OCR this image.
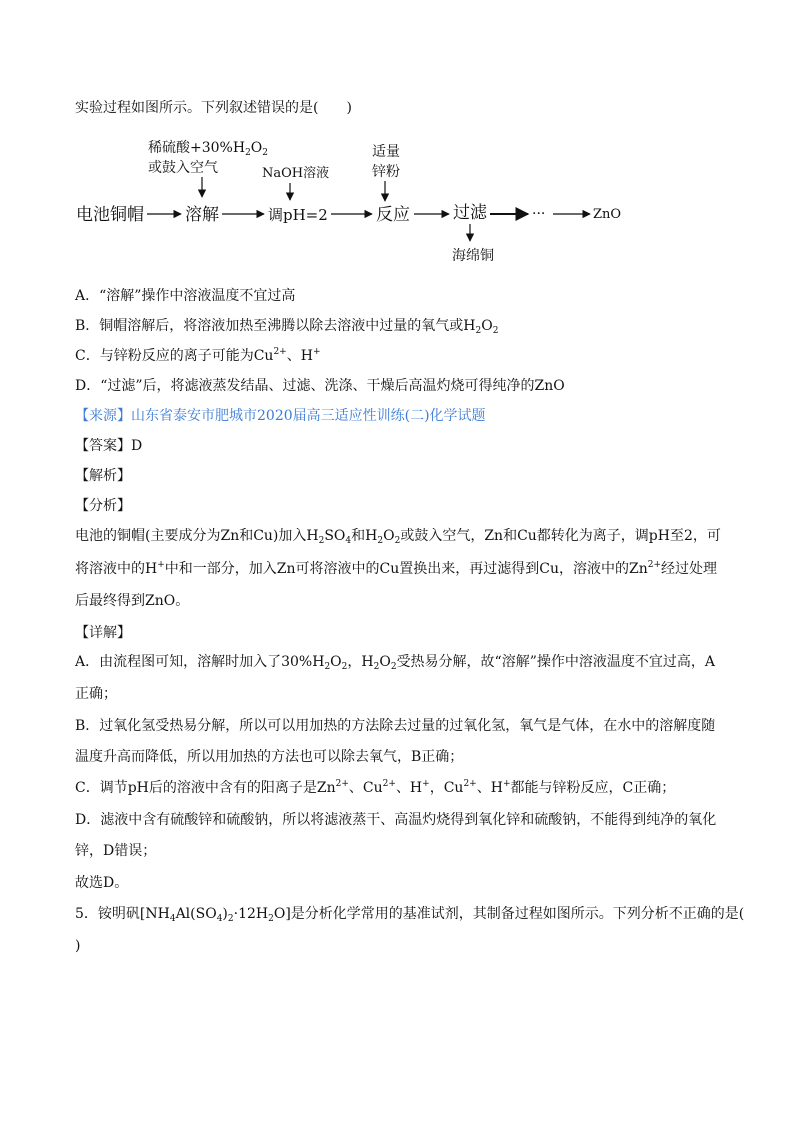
实验过程如图所示。下列叙述错误的是(　　)
稀硫酸$+30\%H_2O_2$
或鼓入空气	NaOH溶液
适量
锌粉
电池铜帽 溶解	调pH=2	反应	过滤	···	ZnO
海绵铜
A．“溶解”操作中溶液温度不宜过高
B．铜帽溶解后，将溶液加热至沸腾以除去溶液中过量的氧气或$H_2O_2$
C．与锌粉反应的离子可能为$Cu^{2+}$、H+
D．“过滤”后，将滤液蒸发结晶、过滤、洗涤、干燥后高温灼烧可得纯净的ZnO
【来源】山东省泰安市肥城市2020届高三适应性训练(二)化学试题
【答案】D
【解析】
【分析】
电池的铜帽(主要成分为Zn和Cu)加入$H_2SO_4$和$H_2O_2$或鼓入空气，Zn和Cu都转化为离子，调pH至2，可
将溶液中的H+中和一部分，加入Zn可将溶液中的Cu置换出来，再过滤得到Cu，溶液中的$Zn^{2+}$经过处理
后最终得到ZnO。
【详解】
A．由流程图可知，溶解时加入了$30\%H_2O_2$，$H_2O_2$受热易分解，故“溶解”操作中溶液温度不宜过高，A
正确；
B．过氧化氢受热易分解，所以可以用加热的方法除去过量的过氧化氢，氧气是气体，在水中的溶解度随
温度升高而降低，所以用加热的方法也可以除去氧气，B正确；
C．调节pH后的溶液中含有的阳离子是$Zn^{2+}$、$Cu^{2+}$、H+，$Cu^{2+}$、H+都能与锌粉反应，C正确；
D．滤液中含有硫酸锌和硫酸钠，所以将滤液蒸干、高温灼烧得到氧化锌和硫酸钠，不能得到纯净的氧化
锌，D错误；
故选D。
5．铵明矾$[NH_4Al(SO_4)_2\cdot 12H_2O]$是分析化学常用的基准试剂，其制备过程如图所示。下列分析不正确的是(
)
